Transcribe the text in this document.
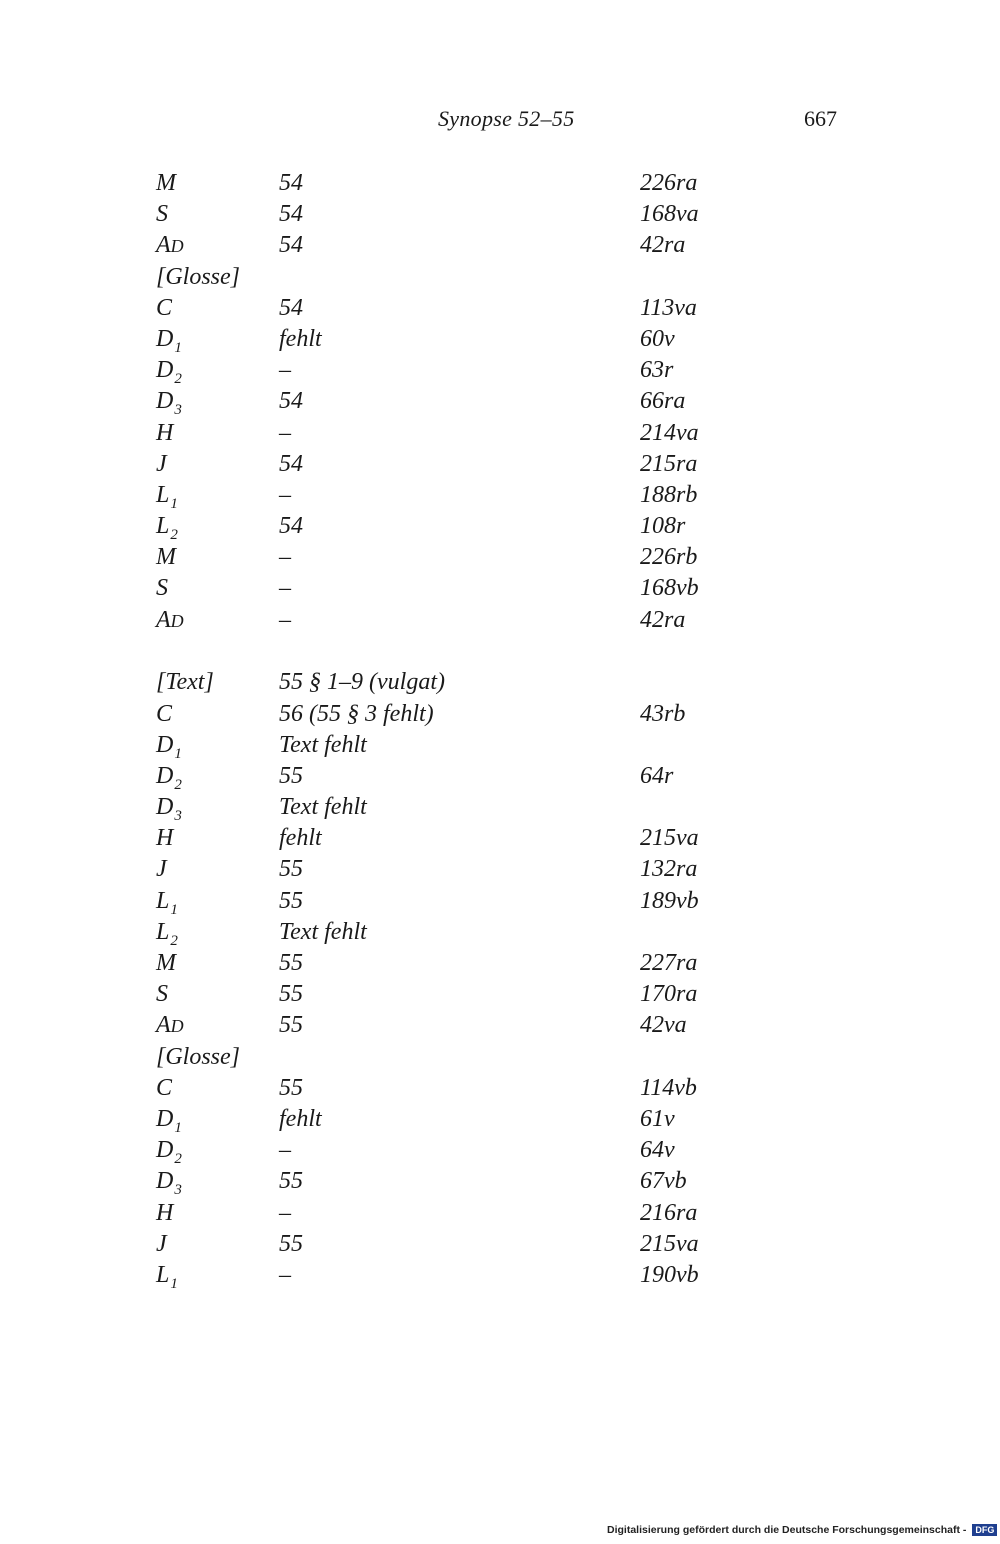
Synopse 52–55	667
M	54	226ra
S	54	168va
AD	54	42ra
[Glosse]
C	54	113va
$D_1$	fehlt	60v
$D_2$	–	63r
$D_3$	54	66ra
H	–	214va
J	54	215ra
$L_1$	–	188rb
$L_2$	54	108r
M	–	226rb
S	–	168vb
AD	–	42ra
[Text]	55 § 1–9 (vulgat)
C	56 (55 § 3 fehlt)	43rb
$D_1$	Text fehlt
$D_2$	55	64r
$D_3$	Text fehlt
H	fehlt	215va
J	55	132ra
$L_1$	55	189vb
$L_2$	Text fehlt
M	55	227ra
S	55	170ra
AD	55	42va
[Glosse]
C	55	114vb
$D_1$	fehlt	61v
$D_2$	–	64v
$D_3$	55	67vb
H	–	216ra
J	55	215va
$L_1$	–	190vb
Digitalisierung gefördert durch die Deutsche Forschungsgemeinschaft - DFG
